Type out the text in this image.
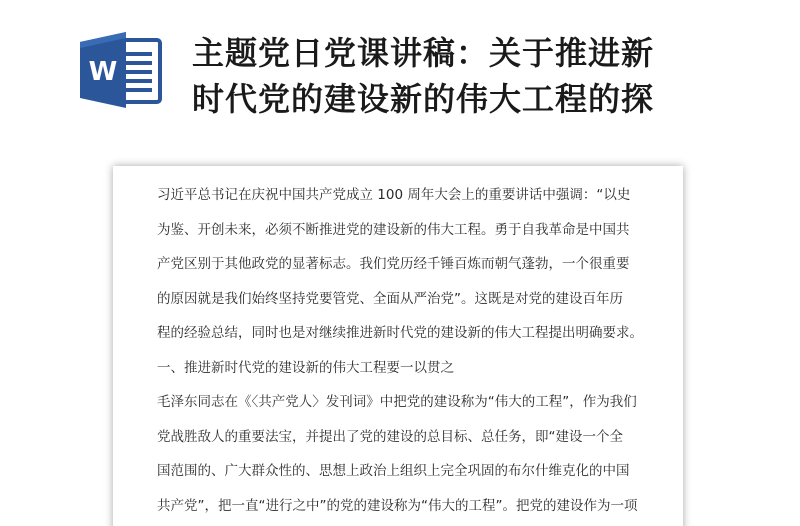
W 主题党日党课讲稿：关于推进新
时代党的建设新的伟大工程的探
习近平总书记在庆祝中国共产党成立 100 周年大会上的重要讲话中强调：“以史
为鉴、开创未来，必须不断推进党的建设新的伟大工程。勇于自我革命是中国共
产党区别于其他政党的显著标志。我们党历经千锤百炼而朝气蓬勃，一个很重要
的原因就是我们始终坚持党要管党、全面从严治党”。这既是对党的建设百年历
程的经验总结，同时也是对继续推进新时代党的建设新的伟大工程提出明确要求。
一、推进新时代党的建设新的伟大工程要一以贯之
毛泽东同志在《〈共产党人〉发刊词》中把党的建设称为“伟大的工程”，作为我们
党战胜敌人的重要法宝，并提出了党的建设的总目标、总任务，即“建设一个全
国范围的、广大群众性的、思想上政治上组织上完全巩固的布尔什维克化的中国
共产党”，把一直“进行之中”的党的建设称为“伟大的工程”。把党的建设作为一项
